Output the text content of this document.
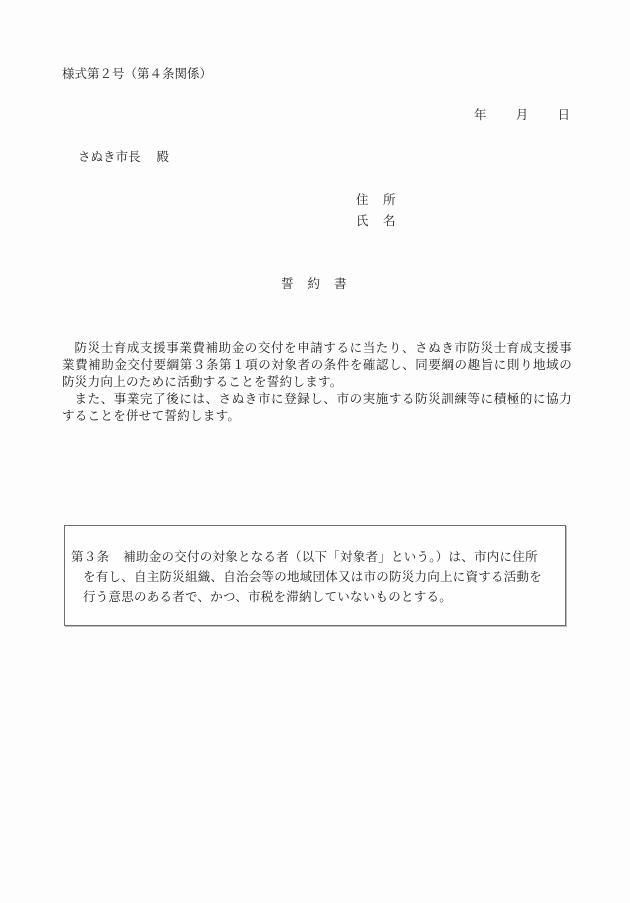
様式第２号（第４条関係）
年 月 日
さぬき市長 殿
住 所
氏 名
誓 約 書

防災士育成支援事業費補助金の交付を申請するに当たり、さぬき市防災士育成支援事業費補助金交付要綱第３条第１項の対象者の条件を確認し、同要綱の趣旨に則り地域の防災力向上のために活動することを誓約します。

また、事業完了後には、さぬき市に登録し、市の実施する防災訓練等に積極的に協力することを併せて誓約します。

第３条 補助金の交付の対象となる者（以下「対象者」という。）は、市内に住所
を有し、自主防災組織、自治会等の地域団体又は市の防災力向上に資する活動を
行う意思のある者で、かつ、市税を滞納していないものとする。
